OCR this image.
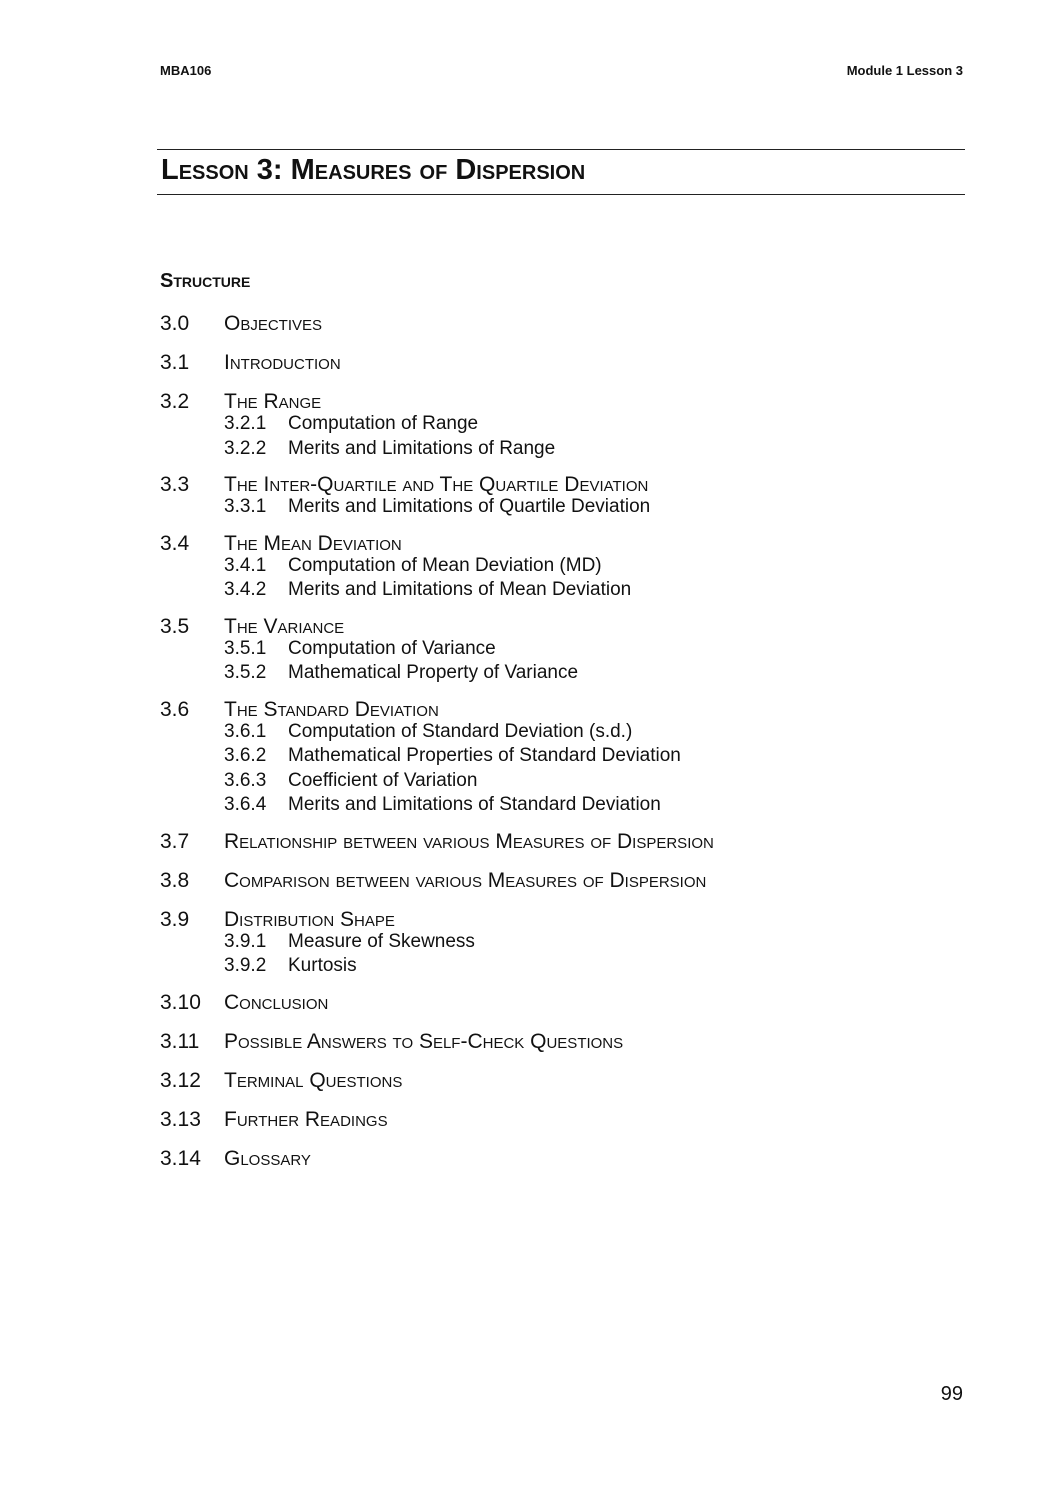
MBA106	Module 1 Lesson 3
Lesson 3: Measures of Dispersion
Structure
3.0	Objectives
3.1	Introduction
3.2	The Range
3.2.1	Computation of Range
3.2.2	Merits and Limitations of Range
3.3	The Inter-Quartile and The Quartile Deviation
3.3.1	Merits and Limitations of Quartile Deviation
3.4	The Mean Deviation
3.4.1	Computation of Mean Deviation (MD)
3.4.2	Merits and Limitations of Mean Deviation
3.5	The Variance
3.5.1	Computation of Variance
3.5.2	Mathematical Property of Variance
3.6	The Standard Deviation
3.6.1	Computation of Standard Deviation (s.d.)
3.6.2	Mathematical Properties of Standard Deviation
3.6.3	Coefficient of Variation
3.6.4	Merits and Limitations of Standard Deviation
3.7	Relationship between various Measures of Dispersion
3.8	Comparison between various Measures of Dispersion
3.9	Distribution Shape
3.9.1	Measure of Skewness
3.9.2	Kurtosis
3.10	Conclusion
3.11	Possible Answers to Self-Check Questions
3.12	Terminal Questions
3.13	Further Readings
3.14	Glossary
99
